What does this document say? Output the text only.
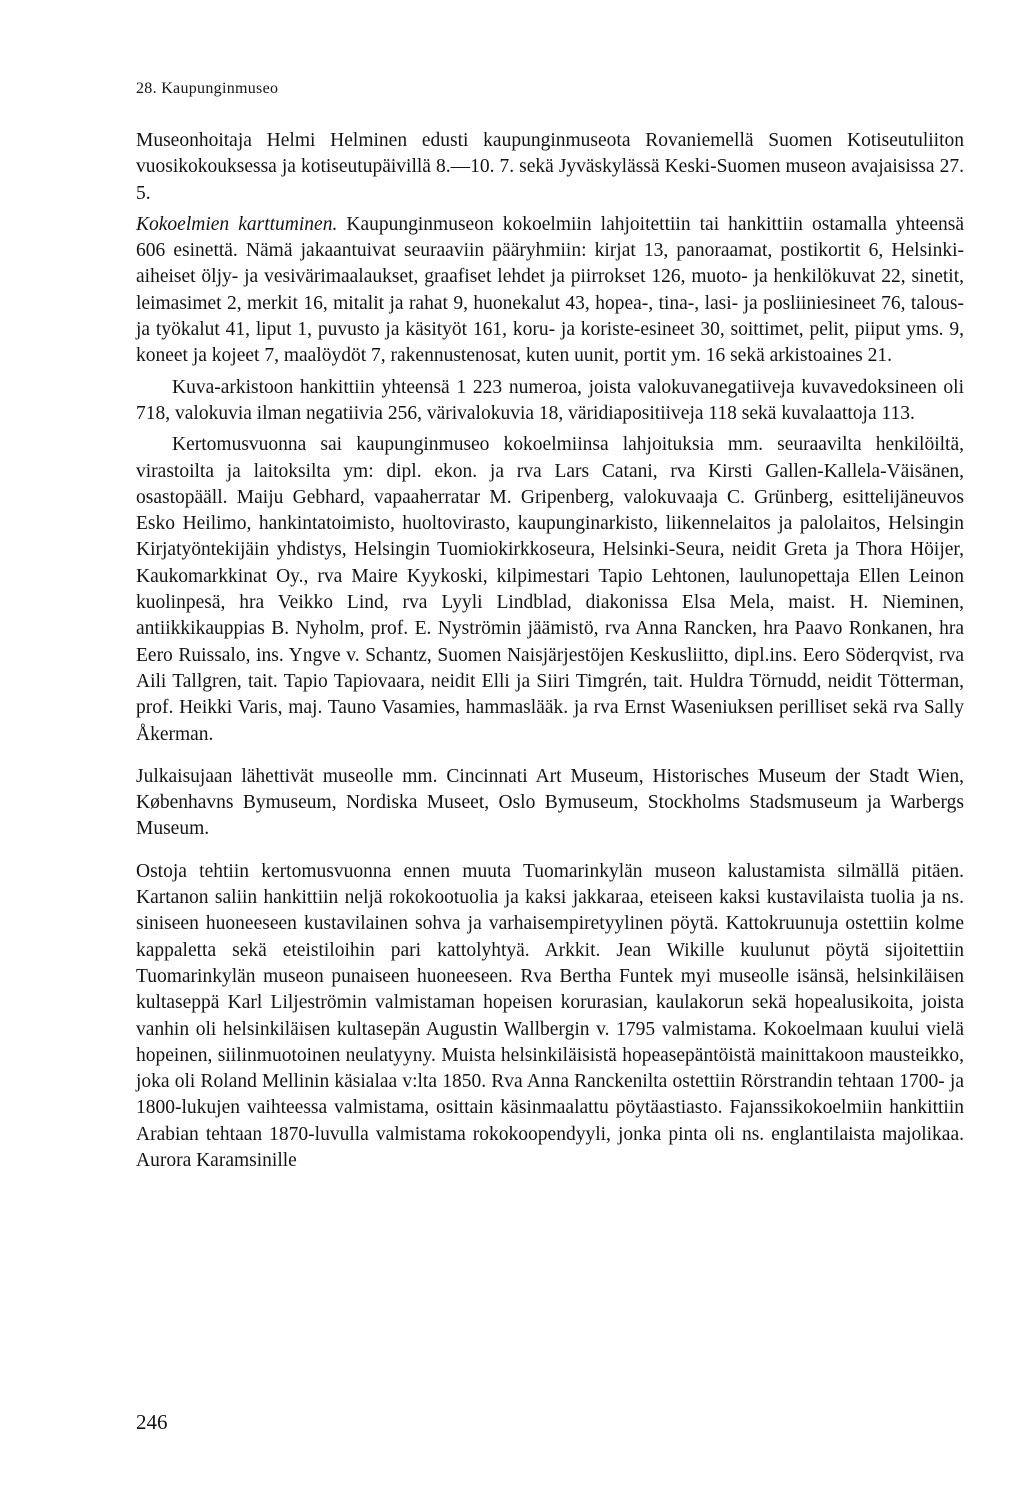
28. Kaupunginmuseo

Museonhoitaja Helmi Helminen edusti kaupunginmuseota Rovaniemellä Suomen Kotiseutuliiton vuosikokouksessa ja kotiseutupäivillä 8.—10. 7. sekä Jyväskylässä Keski-Suomen museon avajaisissa 27. 5.

Kokoelmien karttuminen. Kaupunginmuseon kokoelmiin lahjoitettiin tai hankittiin ostamalla yhteensä 606 esinettä. Nämä jakaantuivat seuraaviin pääryhmiin: kirjat 13, panoraamat, postikortit 6, Helsinki-aiheiset öljy- ja vesivärimaalaukset, graafiset lehdet ja piirrokset 126, muoto- ja henkilökuvat 22, sinetit, leimasimet 2, merkit 16, mitalit ja rahat 9, huonekalut 43, hopea-, tina-, lasi- ja posliiniesineet 76, talous- ja työkalut 41, liput 1, puvusto ja käsityöt 161, koru- ja koriste-esineet 30, soittimet, pelit, piiput yms. 9, koneet ja kojeet 7, maalöydöt 7, rakennustenosat, kuten uunit, portit ym. 16 sekä arkistoaines 21.

Kuva-arkistoon hankittiin yhteensä 1 223 numeroa, joista valokuvanegatiiveja kuvavedoksineen oli 718, valokuvia ilman negatiivia 256, värivalokuvia 18, väridiapositiiveja 118 sekä kuvalaattoja 113.

Kertomusvuonna sai kaupunginmuseo kokoelmiinsa lahjoituksia mm. seuraavilta henkilöiltä, virastoilta ja laitoksilta ym: dipl. ekon. ja rva Lars Catani, rva Kirsti Gallen-Kallela-Väisänen, osastopääll. Maiju Gebhard, vapaaherratar M. Gripenberg, valokuvaaja C. Grünberg, esittelijäneuvos Esko Heilimo, hankintatoimisto, huoltovirasto, kaupunginarkisto, liikennelaitos ja palolaitos, Helsingin Kirjatyöntekijäin yhdistys, Helsingin Tuomiokirkkoseura, Helsinki-Seura, neidit Greta ja Thora Höijer, Kaukomarkkinat Oy., rva Maire Kyykoski, kilpimestari Tapio Lehtonen, laulunopettaja Ellen Leinon kuolinpesä, hra Veikko Lind, rva Lyyli Lindblad, diakonissa Elsa Mela, maist. H. Nieminen, antiikkikauppias B. Nyholm, prof. E. Nyströmin jäämistö, rva Anna Rancken, hra Paavo Ronkanen, hra Eero Ruissalo, ins. Yngve v. Schantz, Suomen Naisjärjestöjen Keskusliitto, dipl.ins. Eero Söderqvist, rva Aili Tallgren, tait. Tapio Tapiovaara, neidit Elli ja Siiri Timgrén, tait. Huldra Törnudd, neidit Tötterman, prof. Heikki Varis, maj. Tauno Vasamies, hammaslääk. ja rva Ernst Waseniuksen perilliset sekä rva Sally Åkerman.

Julkaisujaan lähettivät museolle mm. Cincinnati Art Museum, Historisches Museum der Stadt Wien, Københavns Bymuseum, Nordiska Museet, Oslo Bymuseum, Stockholms Stadsmuseum ja Warbergs Museum.

Ostoja tehtiin kertomusvuonna ennen muuta Tuomarinkylän museon kalustamista silmällä pitäen. Kartanon saliin hankittiin neljä rokokootuolia ja kaksi jakkaraa, eteiseen kaksi kustavilaista tuolia ja ns. siniseen huoneeseen kustavilainen sohva ja varhaisempiretyylinen pöytä. Kattokruunuja ostettiin kolme kappaletta sekä eteistiloihin pari kattolyhtyä. Arkkit. Jean Wikille kuulunut pöytä sijoitettiin Tuomarinkylän museon punaiseen huoneeseen. Rva Bertha Funtek myi museolle isänsä, helsinkiläisen kultaseppä Karl Liljeströmin valmistaman hopeisen korurasian, kaulakorun sekä hopealusikoita, joista vanhin oli helsinkiläisen kultasepän Augustin Wallbergin v. 1795 valmistama. Kokoelmaan kuului vielä hopeinen, siilinmuotoinen neulatyyny. Muista helsinkiläisistä hopeasepäntöistä mainittakoon mausteikko, joka oli Roland Mellinin käsialaa v:lta 1850. Rva Anna Ranckenilta ostettiin Rörstrandin tehtaan 1700- ja 1800-lukujen vaihteessa valmistama, osittain käsinmaalattu pöytäastiasto. Fajanssikokoelmiin hankittiin Arabian tehtaan 1870-luvulla valmistama rokokoopendyyli, jonka pinta oli ns. englantilaista majolikaa. Aurora Karamsinille

246
